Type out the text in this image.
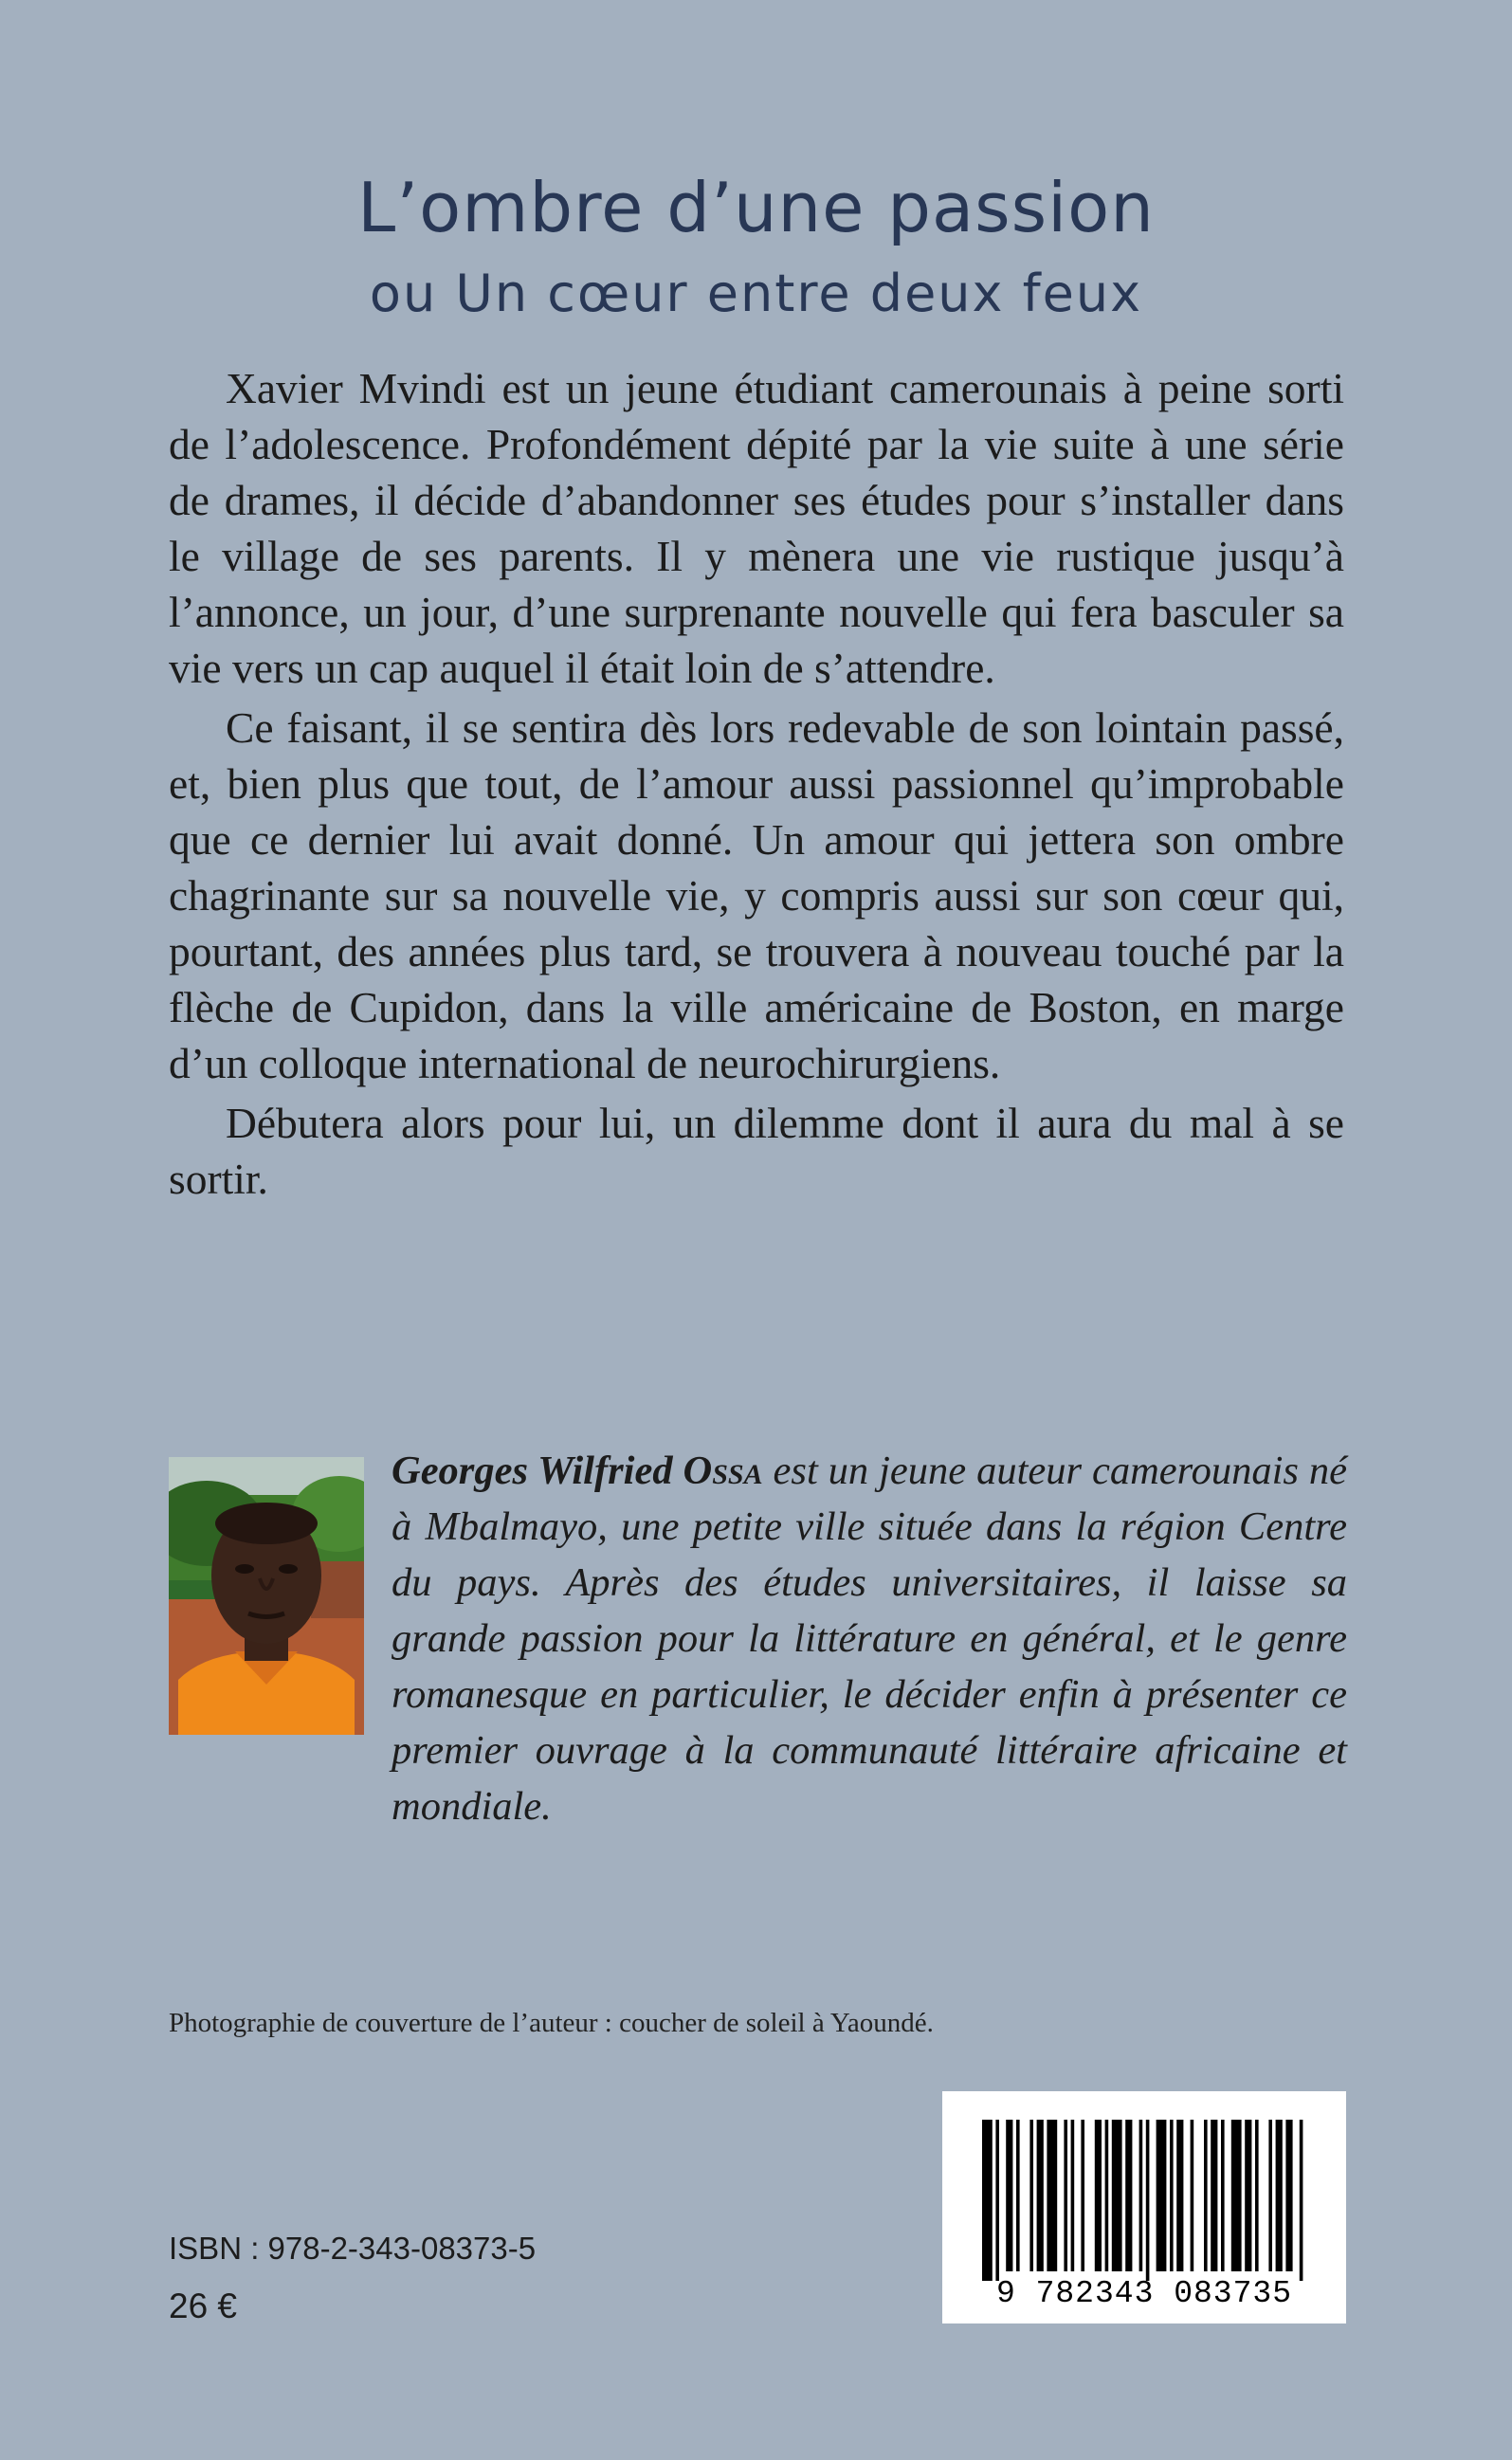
L’ombre d’une passion
ou Un cœur entre deux feux

Xavier Mvindi est un jeune étudiant camerounais à peine sorti de l’adolescence. Profondément dépité par la vie suite à une série de drames, il décide d’abandonner ses études pour s’installer dans le village de ses parents. Il y mènera une vie rustique jusqu’à l’annonce, un jour, d’une surprenante nouvelle qui fera basculer sa vie vers un cap auquel il était loin de s’attendre.

Ce faisant, il se sentira dès lors redevable de son lointain passé, et, bien plus que tout, de l’amour aussi passionnel qu’improbable que ce dernier lui avait donné. Un amour qui jettera son ombre chagrinante sur sa nouvelle vie, y compris aussi sur son cœur qui, pourtant, des années plus tard, se trouvera à nouveau touché par la flèche de Cupidon, dans la ville américaine de Boston, en marge d’un colloque international de neurochirurgiens.

Débutera alors pour lui, un dilemme dont il aura du mal à se sortir.

Georges Wilfried Ossa est un jeune auteur camerounais né à Mbalmayo, une petite ville située dans la région Centre du pays. Après des études universitaires, il laisse sa grande passion pour la littérature en général, et le genre romanesque en particulier, le décider enfin à présenter ce premier ouvrage à la communauté littéraire africaine et mondiale.

Photographie de couverture de l’auteur : coucher de soleil à Yaoundé.
9 782343 083735
ISBN : 978-2-343-08373-5
26 €
